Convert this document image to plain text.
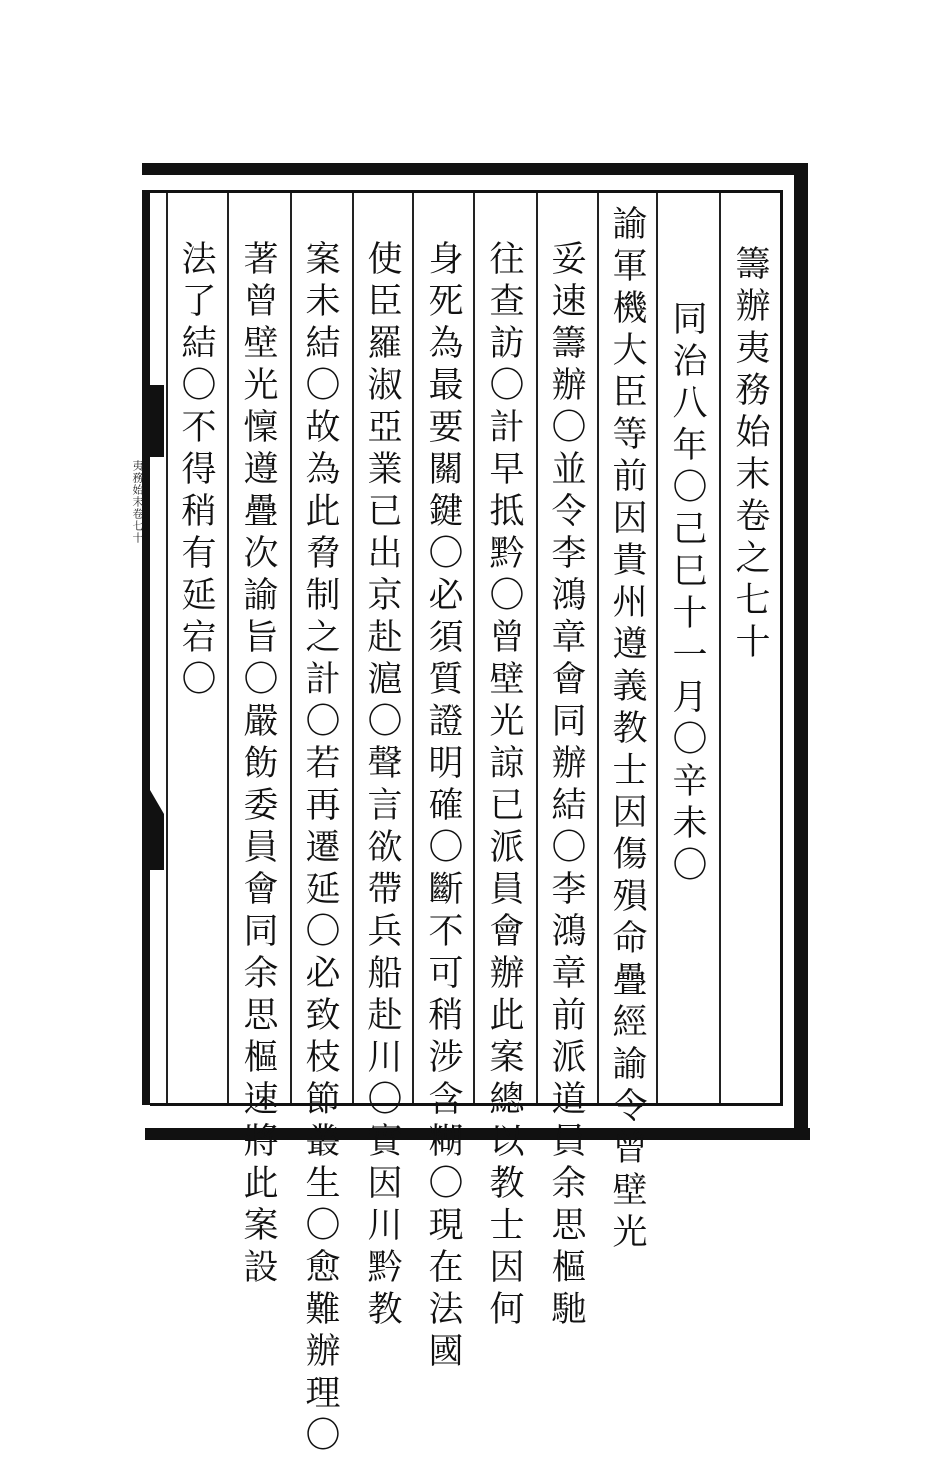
夷務始末卷七十	籌辦夷務始末卷之七十
同治八年〇己巳十一月〇辛未〇
諭軍機大臣等前因貴州遵義教士因傷殞命疊經諭令曾壁光
妥速籌辦〇並令李鴻章會同辦結〇李鴻章前派道員余思樞馳
往查訪〇計早抵黔〇曾壁光諒已派員會辦此案總以教士因何
身死為最要關鍵〇必須質證明確〇斷不可稍涉含糊〇現在法國
使臣羅淑亞業已出京赴滬〇聲言欲帶兵船赴川〇實因川黔教
案未結〇故為此脅制之計〇若再遷延〇必致枝節叢生〇愈難辦理〇
著曾壁光懍遵疊次諭旨〇嚴飭委員會同余思樞速將此案設
法了結〇不得稍有延宕〇
